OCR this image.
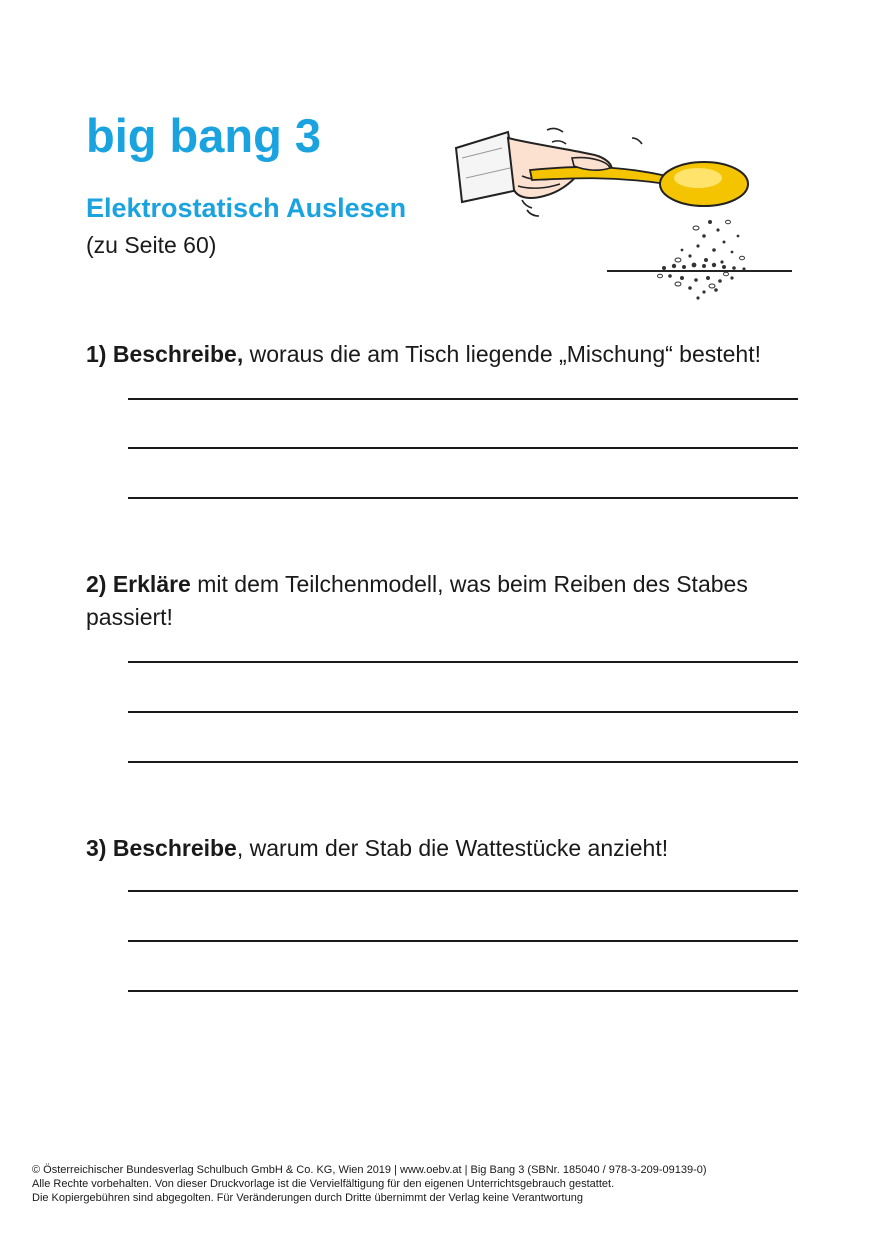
big bang 3
Elektrostatisch Auslesen
(zu Seite 60)
1) Beschreibe, woraus die am Tisch liegende „Mischung“ besteht!
2) Erkläre mit dem Teilchenmodell, was beim Reiben des Stabes passiert!
3) Beschreibe, warum der Stab die Wattestücke anzieht!
© Österreichischer Bundesverlag Schulbuch GmbH & Co. KG, Wien 2019 | www.oebv.at | Big Bang 3 (SBNr. 185040 / 978-3-209-09139-0)
Alle Rechte vorbehalten. Von dieser Druckvorlage ist die Vervielfältigung für den eigenen Unterrichtsgebrauch gestattet.
Die Kopiergebühren sind abgegolten. Für Veränderungen durch Dritte übernimmt der Verlag keine Verantwortung
